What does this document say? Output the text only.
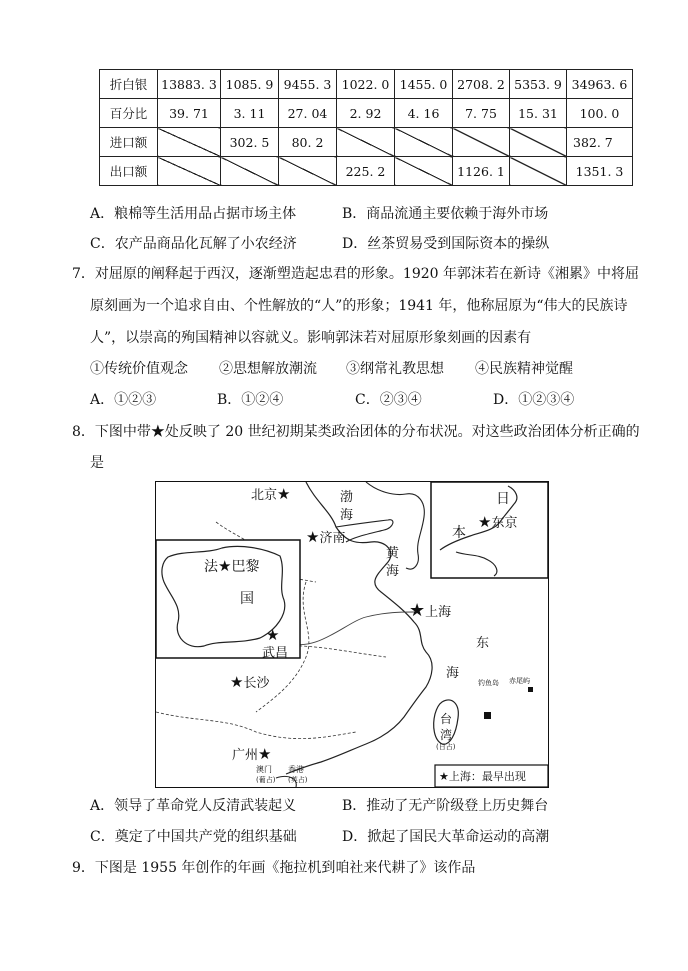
折白银	13883. 3	1085. 9	9455. 3	1022. 0	1455. 0	2708. 2	5353. 9	34963. 6
百分比	39. 71	3. 11	27. 04	2. 92	4. 16	7. 75	15. 31	100. 0
进口额		302. 5	80. 2					382. 7
出口额				225. 2		1126. 1		1351. 3
A．粮棉等生活用品占据市场主体	B．商品流通主要依赖于海外市场
C．农产品商品化瓦解了小农经济	D．丝茶贸易受到国际资本的操纵
7．对屈原的阐释起于西汉，逐渐塑造起忠君的形象。1920 年郭沫若在新诗《湘累》中将屈
原刻画为一个追求自由、个性解放的“人”的形象；1941 年，他称屈原为“伟大的民族诗
人”，以崇高的殉国精神以容就义。影响郭沫若对屈原形象刻画的因素有
①传统价值观念 ②思想解放潮流 ③纲常礼教思想 ④民族精神觉醒
A．①②③	B．①②④	C．②③④	D．①②③④
8．下图中带★处反映了 20 世纪初期某类政治团体的分布状况。对这些政治团体分析正确的
是
北京★	渤
海
★济南
黄
海
★上海
★
武昌
★长沙
东
海
钓鱼岛 赤尾屿
台
湾
(日占)
广州★
澳门
(葡占)
香港
(英占)
日
本
★东京
法★巴黎
国
★上海：最早出现
A．领导了革命党人反清武装起义	B．推动了无产阶级登上历史舞台
C．奠定了中国共产党的组织基础	D．掀起了国民大革命运动的高潮
9．下图是 1955 年创作的年画《拖拉机到咱社来代耕了》该作品
